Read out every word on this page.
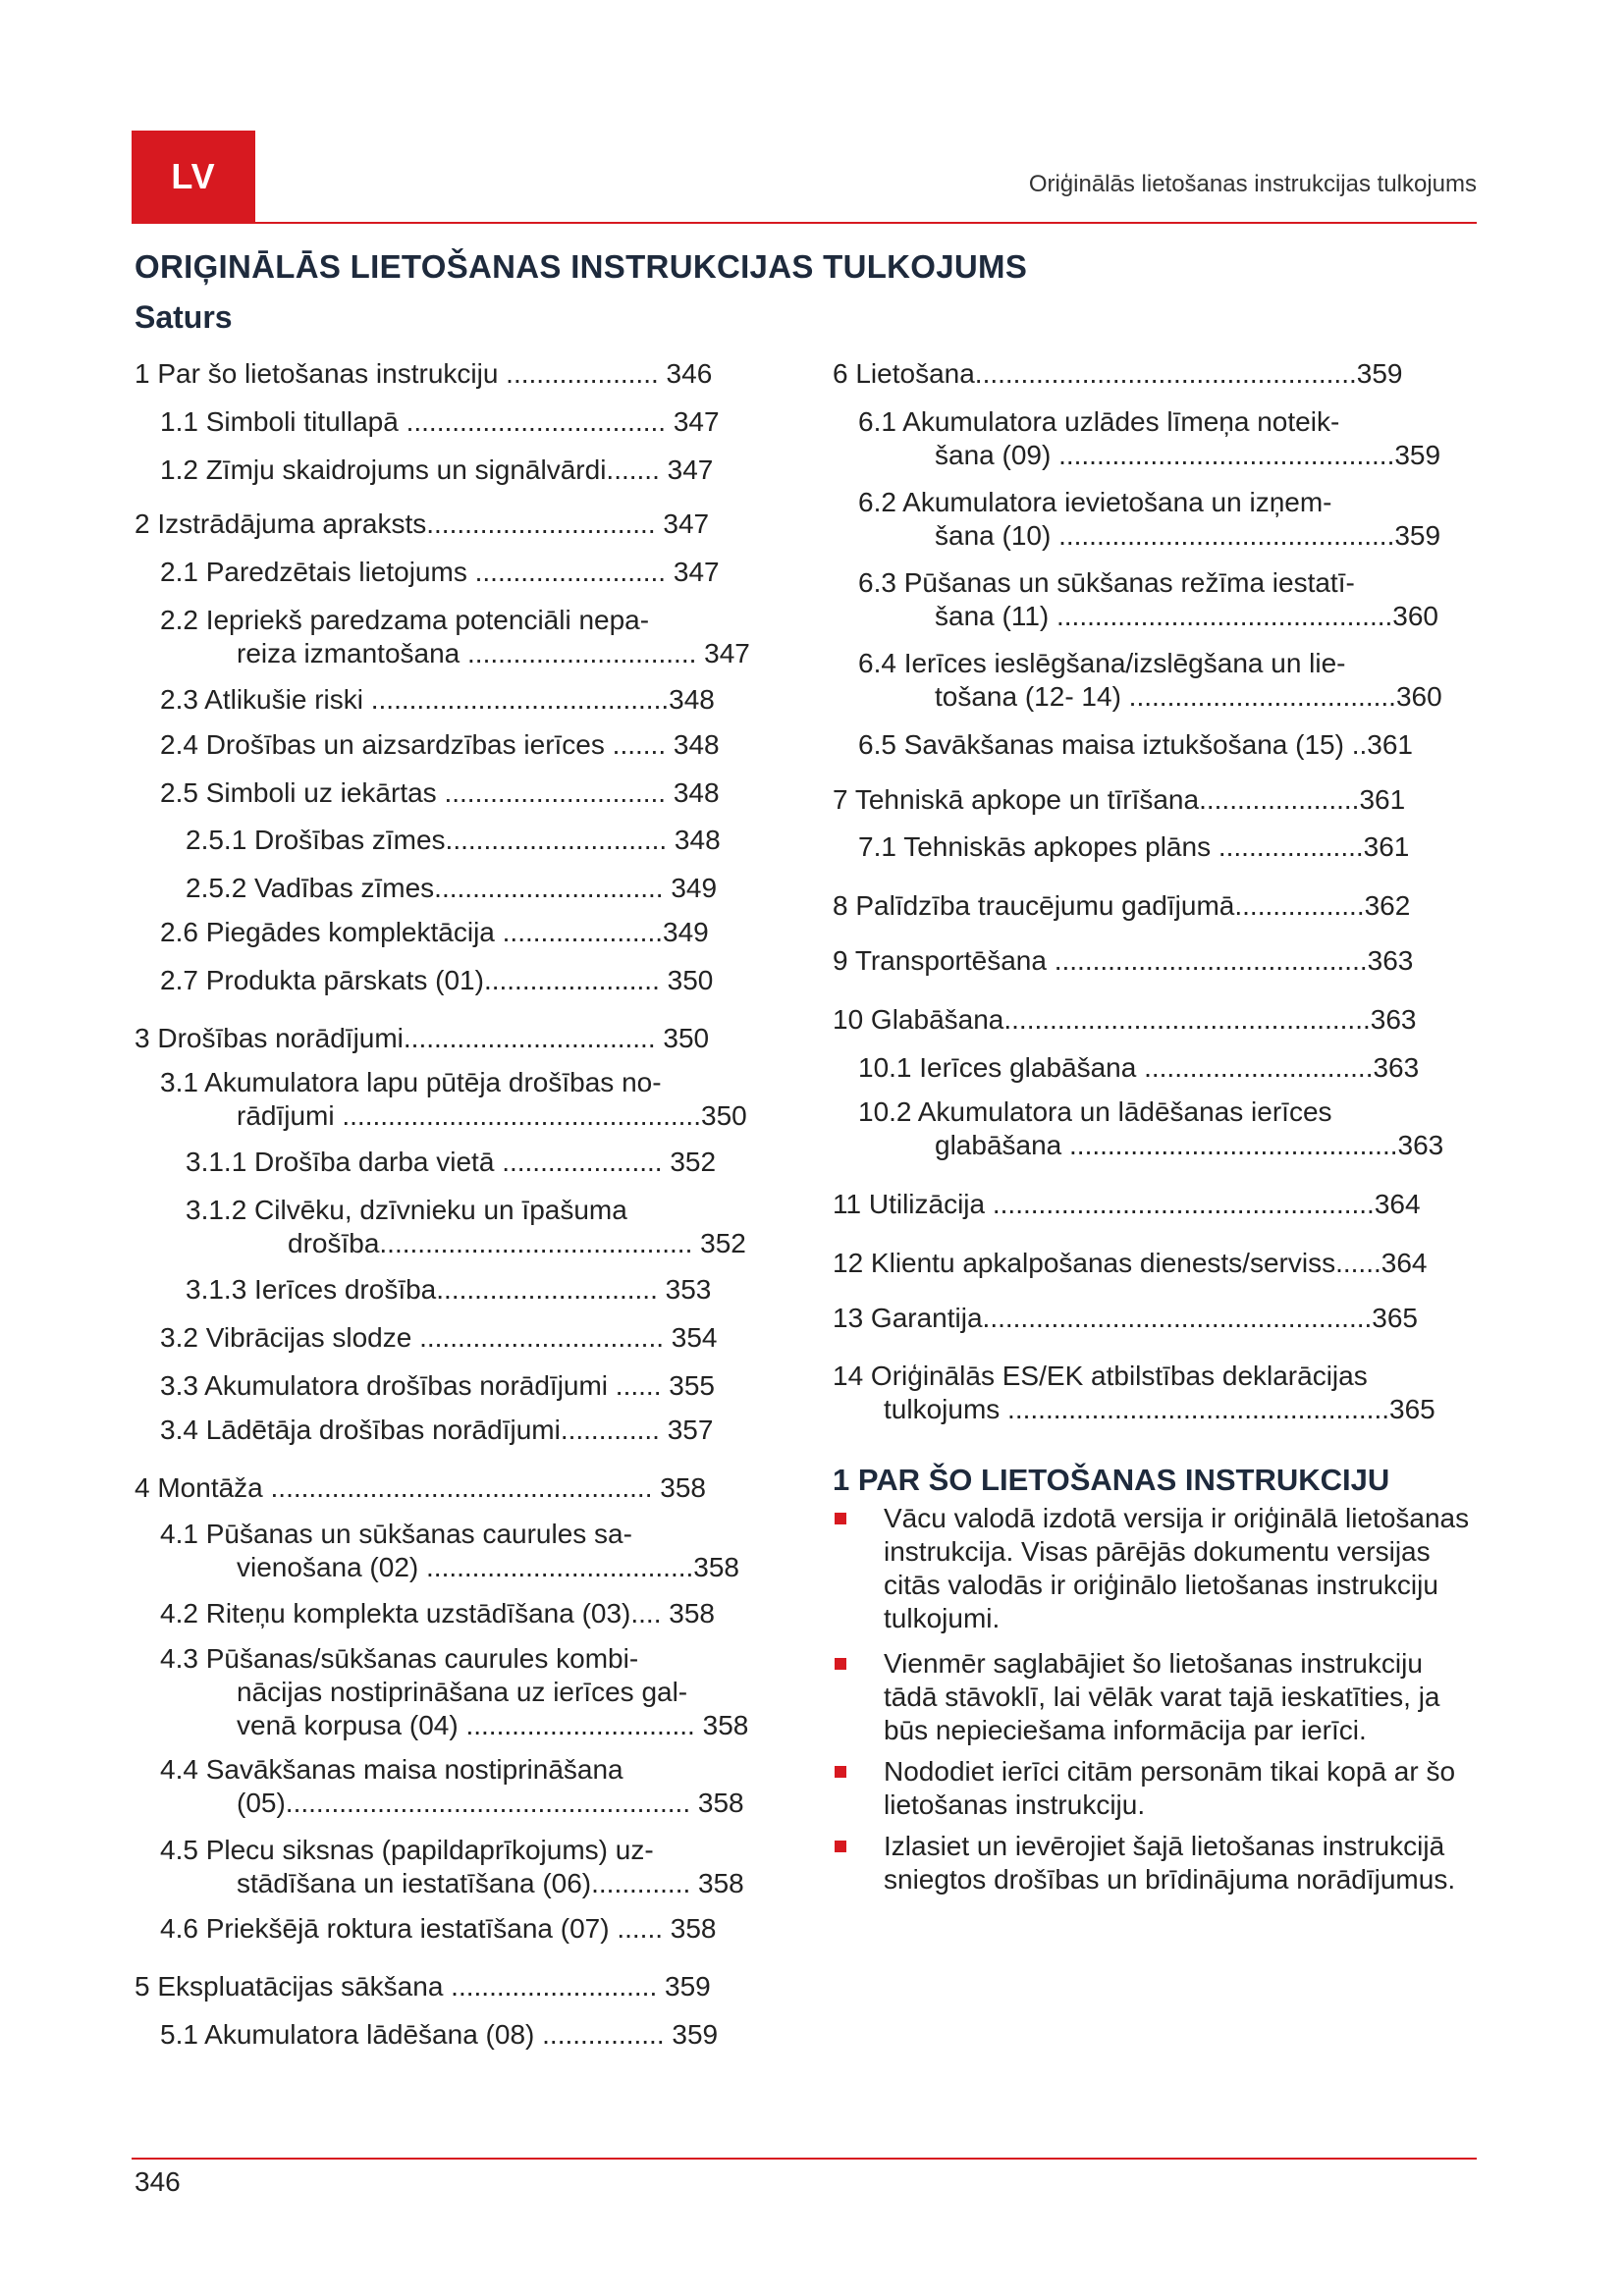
LV	Oriģinālās lietošanas instrukcijas tulkojums
ORIĢINĀLĀS LIETOŠANAS INSTRUKCIJAS TULKOJUMS
Saturs
1 Par šo lietošanas instrukciju .................... 346
1.1 Simboli titullapā .................................. 347
1.2 Zīmju skaidrojums un signālvārdi....... 347
2 Izstrādājuma apraksts.............................. 347
2.1 Paredzētais lietojums ......................... 347
2.2 Iepriekš paredzama potenciāli nepa-
reiza izmantošana .............................. 347
2.3 Atlikušie riski .......................................348
2.4 Drošības un aizsardzības ierīces ....... 348
2.5 Simboli uz iekārtas ............................. 348
2.5.1 Drošības zīmes............................. 348
2.5.2 Vadības zīmes.............................. 349
2.6 Piegādes komplektācija .....................349
2.7 Produkta pārskats (01)....................... 350
3 Drošības norādījumi................................. 350
3.1 Akumulatora lapu pūtēja drošības no-
rādījumi ...............................................350
3.1.1 Drošība darba vietā ..................... 352
3.1.2 Cilvēku, dzīvnieku un īpašuma
drošība......................................... 352
3.1.3 Ierīces drošība............................. 353
3.2 Vibrācijas slodze ................................ 354
3.3 Akumulatora drošības norādījumi ...... 355
3.4 Lādētāja drošības norādījumi............. 357
4 Montāža .................................................. 358
4.1 Pūšanas un sūkšanas caurules sa-
vienošana (02) ...................................358
4.2 Riteņu komplekta uzstādīšana (03).... 358
4.3 Pūšanas/sūkšanas caurules kombi-
nācijas nostiprināšana uz ierīces gal-
venā korpusa (04) .............................. 358
4.4 Savākšanas maisa nostiprināšana
(05)..................................................... 358
4.5 Plecu siksnas (papildaprīkojums) uz-
stādīšana un iestatīšana (06)............. 358
4.6 Priekšējā roktura iestatīšana (07) ...... 358
5 Ekspluatācijas sākšana ........................... 359
5.1 Akumulatora lādēšana (08) ................ 359
6 Lietošana..................................................359
6.1 Akumulatora uzlādes līmeņa noteik-
šana (09) ............................................359
6.2 Akumulatora ievietošana un izņem-
šana (10) ............................................359
6.3 Pūšanas un sūkšanas režīma iestatī-
šana (11) ............................................360
6.4 Ierīces ieslēgšana/izslēgšana un lie-
tošana (12- 14) ...................................360
6.5 Savākšanas maisa iztukšošana (15) ..361
7 Tehniskā apkope un tīrīšana.....................361
7.1 Tehniskās apkopes plāns ...................361
8 Palīdzība traucējumu gadījumā.................362
9 Transportēšana .........................................363
10 Glabāšana................................................363
10.1 Ierīces glabāšana ..............................363
10.2 Akumulatora un lādēšanas ierīces
glabāšana ...........................................363
11 Utilizācija ..................................................364
12 Klientu apkalpošanas dienests/serviss......364
13 Garantija...................................................365
14 Oriģinālās ES/EK atbilstības deklarācijas
tulkojums ..................................................365
1 PAR ŠO LIETOŠANAS INSTRUKCIJU
Vācu valodā izdotā versija ir oriģinālā lietošanas instrukcija. Visas pārējās dokumentu versijas citās valodās ir oriģinālo lietošanas instrukciju tulkojumi.
Vienmēr saglabājiet šo lietošanas instrukciju tādā stāvoklī, lai vēlāk varat tajā ieskatīties, ja būs nepieciešama informācija par ierīci.
Nododiet ierīci citām personām tikai kopā ar šo lietošanas instrukciju.
Izlasiet un ievērojiet šajā lietošanas instrukcijā sniegtos drošības un brīdinājuma norādījumus.
346
